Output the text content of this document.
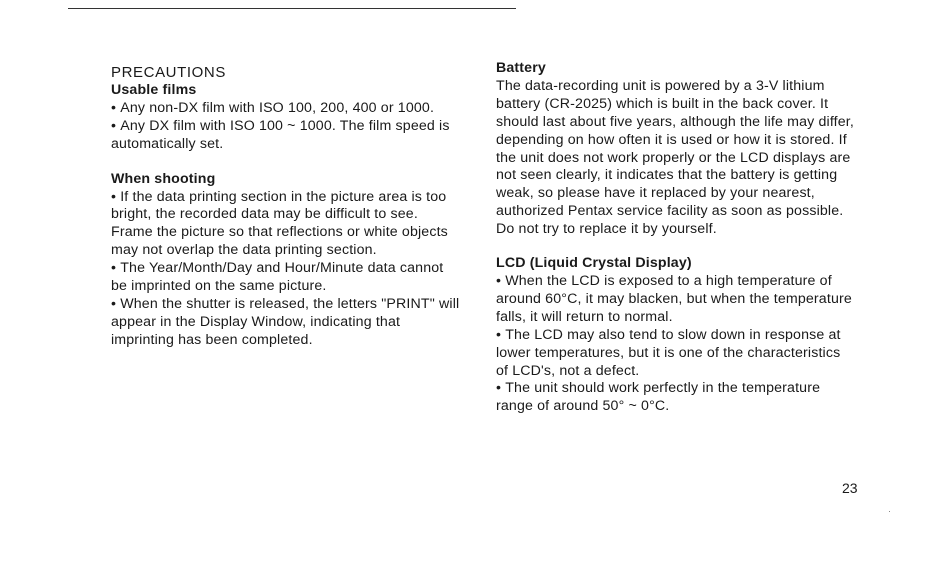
PRECAUTIONS
Usable films

• Any non-DX film with ISO 100, 200, 400 or 1000.

• Any DX film with ISO 100 ~ 1000. The film speed is automatically set.

When shooting

• If the data printing section in the picture area is too bright, the recorded data may be difficult to see. Frame the picture so that reflections or white objects may not overlap the data printing section.

• The Year/Month/Day and Hour/Minute data cannot be imprinted on the same picture.

• When the shutter is released, the letters "PRINT" will appear in the Display Window, indicating that imprinting has been completed.

Battery

The data-recording unit is powered by a 3-V lithium battery (CR-2025) which is built in the back cover. It should last about five years, although the life may differ, depending on how often it is used or how it is stored. If the unit does not work properly or the LCD displays are not seen clearly, it indicates that the battery is getting weak, so please have it replaced by your nearest, authorized Pentax service facility as soon as possible. Do not try to replace it by yourself.

LCD (Liquid Crystal Display)

• When the LCD is exposed to a high temperature of around 60°C, it may blacken, but when the temperature falls, it will return to normal.

• The LCD may also tend to slow down in response at lower temperatures, but it is one of the characteristics of LCD's, not a defect.

• The unit should work perfectly in the temperature range of around 50° ~ 0°C.

23
